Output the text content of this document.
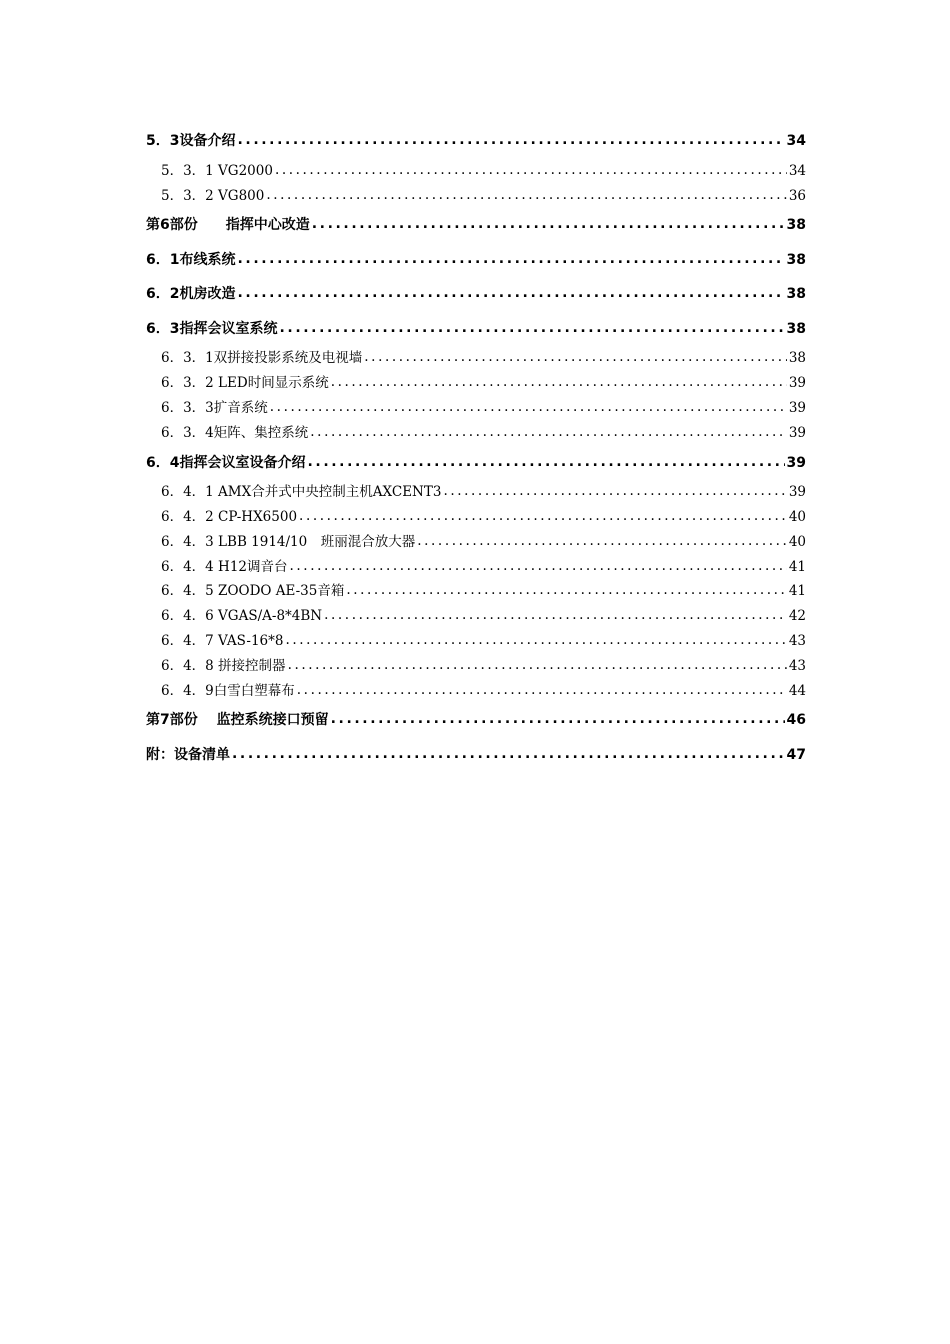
5．3设备介绍 .....	34
5．3．1 VG2000 .....	34
5．3．2 VG800 .....	36
第6部份　　指挥中心改造 .....	38
6．1布线系统 .....	38
6．2机房改造 .....	38
6．3指挥会议室系统 .....	38
6．3．1双拼接投影系统及电视墙 .....	38
6．3．2 LED时间显示系统 .....	39
6．3．3扩音系统 .....	39
6．3．4矩阵、集控系统 .....	39
6．4指挥会议室设备介绍 .....	39
6．4．1 AMX合并式中央控制主机AXCENT3 .....	39
6．4．2 CP-HX6500 .....	40
6．4．3 LBB 1914/10　班丽混合放大器 .....	40
6．4．4 H12调音台 .....	41
6．4．5 ZOODO AE-35音箱 .....	41
6．4．6 VGAS/A-8*4BN .....	42
6．4．7 VAS-16*8 .....	43
6．4．8 拼接控制器 .....	43
6．4．9白雪白塑幕布 .....	44
第7部份　 监控系统接口预留 .....	46
附：设备清单 .....	47
